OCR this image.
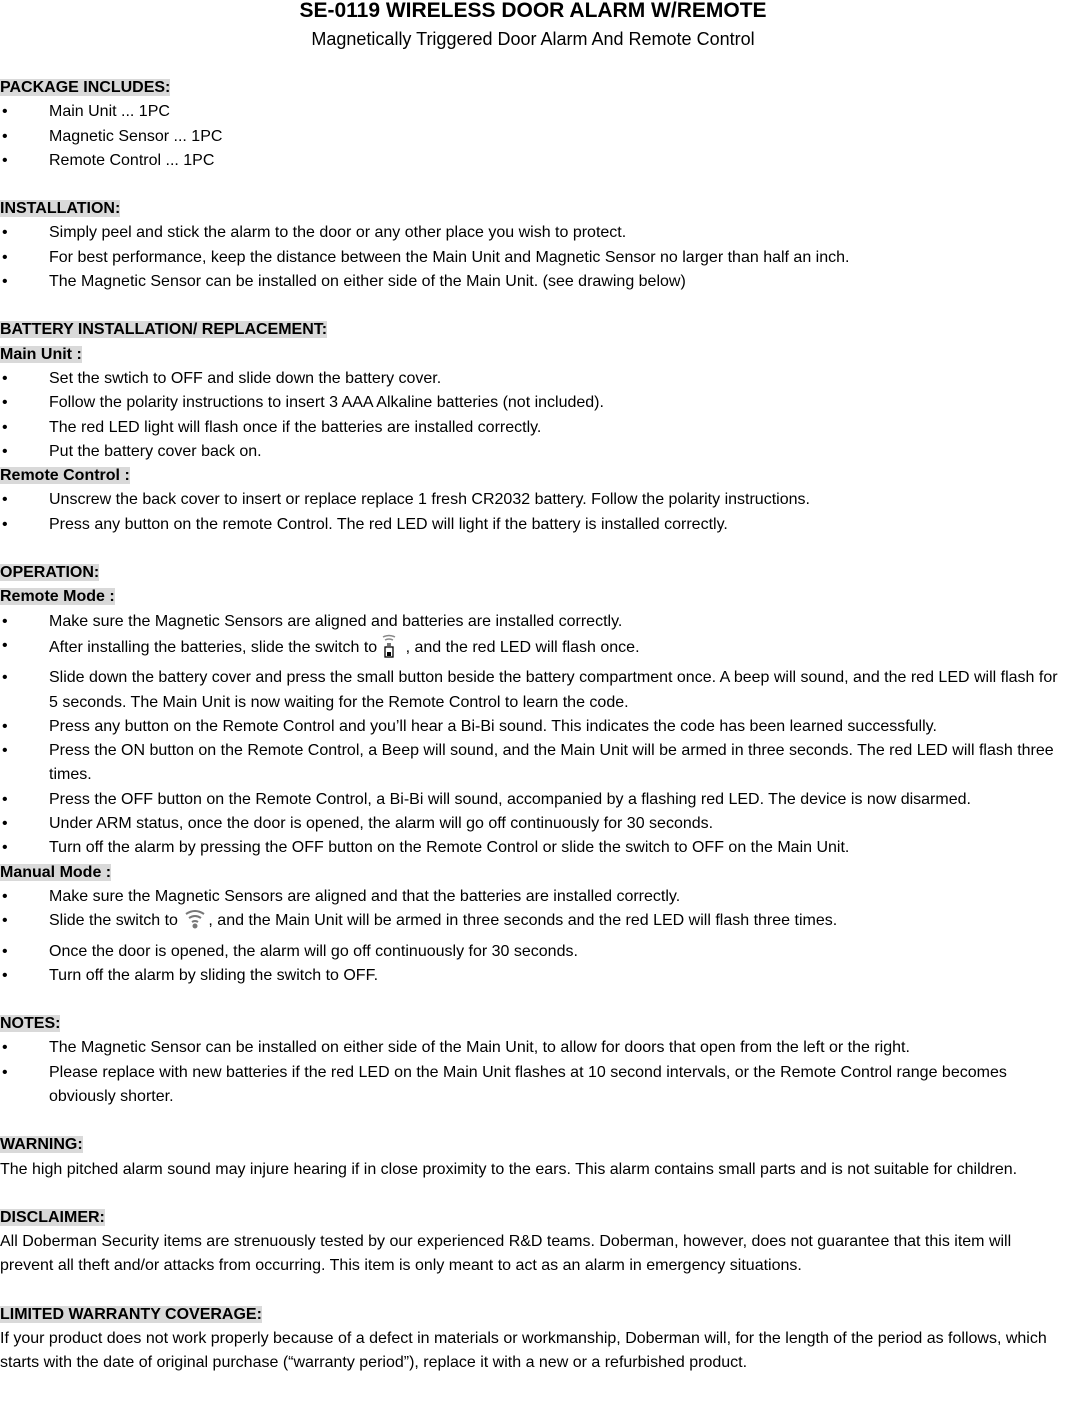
SE-0119 WIRELESS DOOR ALARM W/REMOTE
Magnetically Triggered Door Alarm And Remote Control
PACKAGE INCLUDES:
•	Main Unit ... 1PC
•	Magnetic Sensor ... 1PC
•	Remote Control ... 1PC
INSTALLATION:
•	Simply peel and stick the alarm to the door or any other place you wish to protect.
•	For best performance, keep the distance between the Main Unit and Magnetic Sensor no larger than half an inch.
•	The Magnetic Sensor can be installed on either side of the Main Unit. (see drawing below)
BATTERY INSTALLATION/ REPLACEMENT:
Main Unit :
•	Set the swtich to OFF and slide down the battery cover.
•	Follow the polarity instructions to insert 3 AAA Alkaline batteries (not included).
•	The red LED light will flash once if the batteries are installed correctly.
•	Put the battery cover back on.
Remote Control :
•	Unscrew the back cover to insert or replace replace 1 fresh CR2032 battery. Follow the polarity instructions.
•	Press any button on the remote Control. The red LED will light if the battery is installed correctly.
OPERATION:
Remote Mode :
•	Make sure the Magnetic Sensors are aligned and batteries are installed correctly.
•	After installing the batteries, slide the switch to , and the red LED will flash once.
•	Slide down the battery cover and press the small button beside the battery compartment once. A beep will sound, and the red LED will flash for 5 seconds. The Main Unit is now waiting for the Remote Control to learn the code.
•	Press any button on the Remote Control and you’ll hear a Bi-Bi sound. This indicates the code has been learned successfully.
•	Press the ON button on the Remote Control, a Beep will sound, and the Main Unit will be armed in three seconds. The red LED will flash three times.
•	Press the OFF button on the Remote Control, a Bi-Bi will sound, accompanied by a flashing red LED. The device is now disarmed.
•	Under ARM status, once the door is opened, the alarm will go off continuously for 30 seconds.
•	Turn off the alarm by pressing the OFF button on the Remote Control or slide the switch to OFF on the Main Unit.
Manual Mode :
•	Make sure the Magnetic Sensors are aligned and that the batteries are installed correctly.
•	Slide the switch to , and the Main Unit will be armed in three seconds and the red LED will flash three times.
•	Once the door is opened, the alarm will go off continuously for 30 seconds.
•	Turn off the alarm by sliding the switch to OFF.
NOTES:
•	The Magnetic Sensor can be installed on either side of the Main Unit, to allow for doors that open from the left or the right.
•	Please replace with new batteries if the red LED on the Main Unit flashes at 10 second intervals, or the Remote Control range becomes obviously shorter.
WARNING:
The high pitched alarm sound may injure hearing if in close proximity to the ears. This alarm contains small parts and is not suitable for children.
DISCLAIMER:
All Doberman Security items are strenuously tested by our experienced R&D teams. Doberman, however, does not guarantee that this item will prevent all theft and/or attacks from occurring. This item is only meant to act as an alarm in emergency situations.
LIMITED WARRANTY COVERAGE:
If your product does not work properly because of a defect in materials or workmanship, Doberman will, for the length of the period as follows, which starts with the date of original purchase (“warranty period”), replace it with a new or a refurbished product.
